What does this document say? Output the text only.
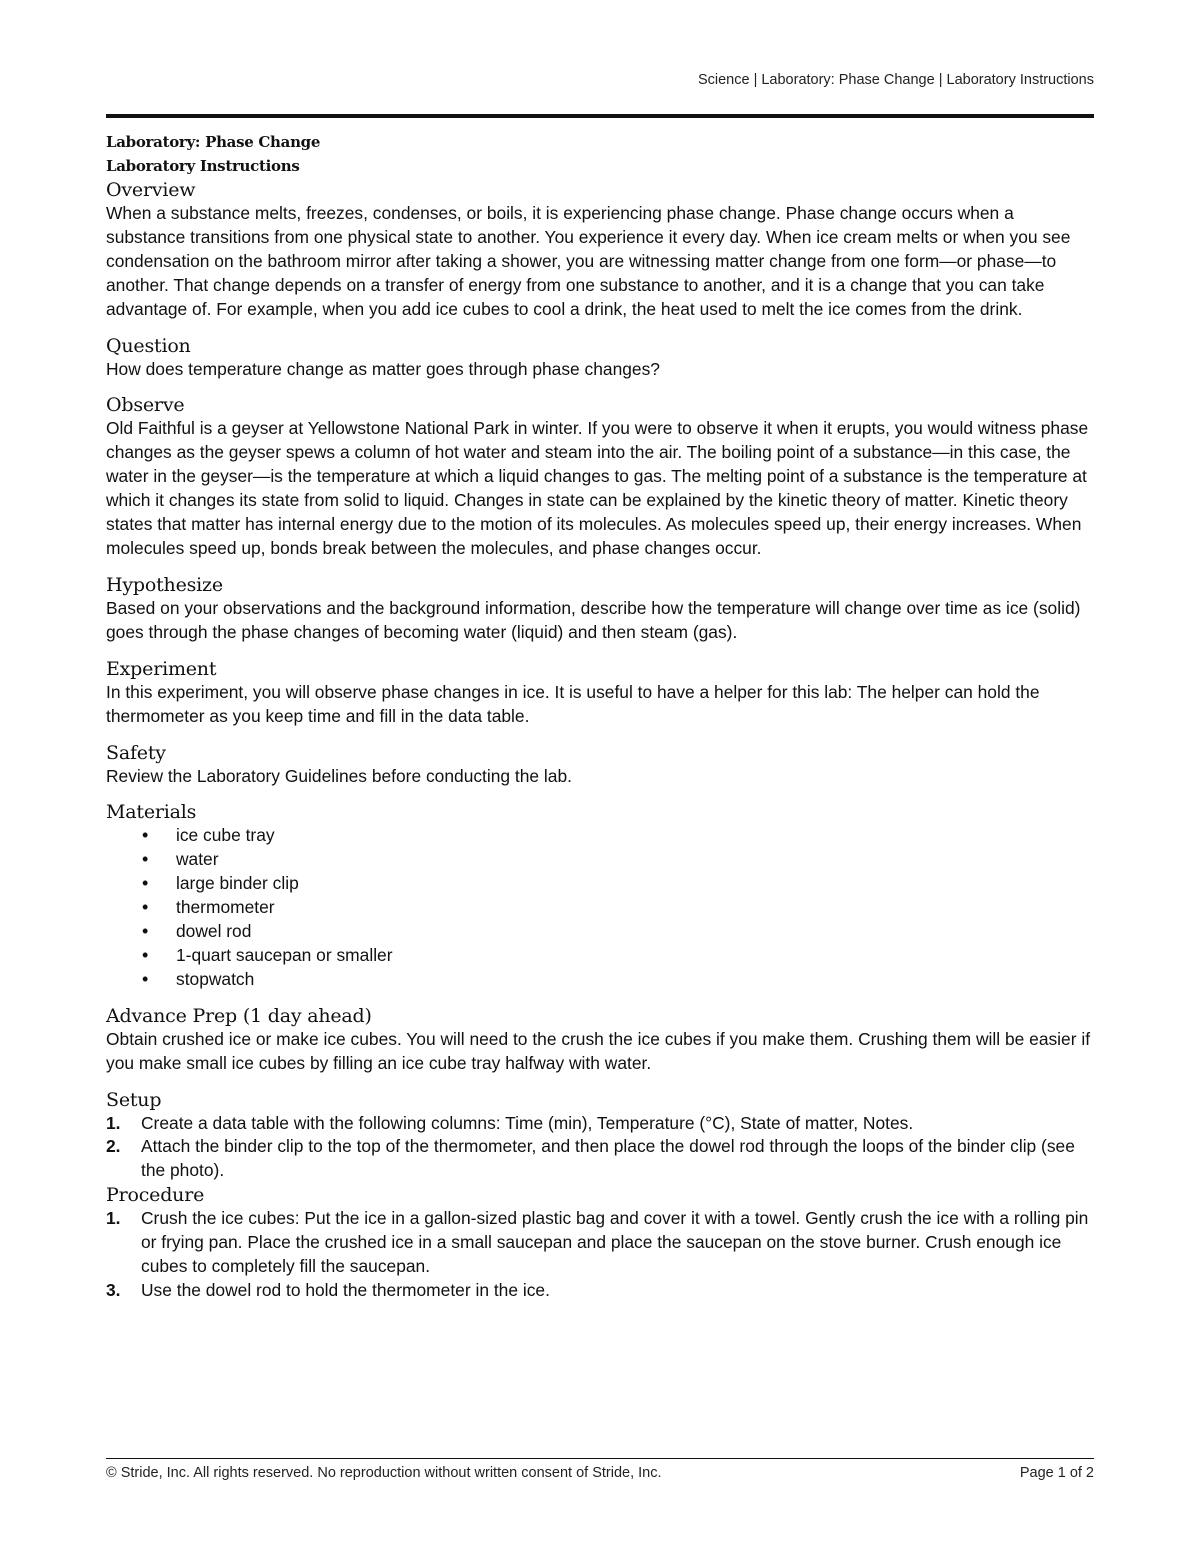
Science | Laboratory: Phase Change | Laboratory Instructions
Laboratory: Phase Change
Laboratory Instructions
Overview

When a substance melts, freezes, condenses, or boils, it is experiencing phase change. Phase change occurs when a substance transitions from one physical state to another. You experience it every day. When ice cream melts or when you see condensation on the bathroom mirror after taking a shower, you are witnessing matter change from one form—or phase—to another. That change depends on a transfer of energy from one substance to another, and it is a change that you can take advantage of. For example, when you add ice cubes to cool a drink, the heat used to melt the ice comes from the drink.

Question

How does temperature change as matter goes through phase changes?

Observe

Old Faithful is a geyser at Yellowstone National Park in winter. If you were to observe it when it erupts, you would witness phase changes as the geyser spews a column of hot water and steam into the air. The boiling point of a substance—in this case, the water in the geyser—is the temperature at which a liquid changes to gas. The melting point of a substance is the temperature at which it changes its state from solid to liquid. Changes in state can be explained by the kinetic theory of matter. Kinetic theory states that matter has internal energy due to the motion of its molecules. As molecules speed up, their energy increases. When molecules speed up, bonds break between the molecules, and phase changes occur.

Hypothesize

Based on your observations and the background information, describe how the temperature will change over time as ice (solid) goes through the phase changes of becoming water (liquid) and then steam (gas).

Experiment

In this experiment, you will observe phase changes in ice. It is useful to have a helper for this lab: The helper can hold the thermometer as you keep time and fill in the data table.

Safety

Review the Laboratory Guidelines before conducting the lab.

Materials
• ice cube tray
• water
• large binder clip
• thermometer
• dowel rod
• 1-quart saucepan or smaller
• stopwatch
Advance Prep (1 day ahead)

Obtain crushed ice or make ice cubes. You will need to the crush the ice cubes if you make them. Crushing them will be easier if you make small ice cubes by filling an ice cube tray halfway with water.

Setup
1. Create a data table with the following columns: Time (min), Temperature (°C), State of matter, Notes.
2. Attach the binder clip to the top of the thermometer, and then place the dowel rod through the loops of the binder clip (see the photo).
Procedure
1. Crush the ice cubes: Put the ice in a gallon-sized plastic bag and cover it with a towel. Gently crush the ice with a rolling pin or frying pan. Place the crushed ice in a small saucepan and place the saucepan on the stove burner. Crush enough ice cubes to completely fill the saucepan.
3. Use the dowel rod to hold the thermometer in the ice.
© Stride, Inc. All rights reserved. No reproduction without written consent of Stride, Inc.	Page 1 of 2
